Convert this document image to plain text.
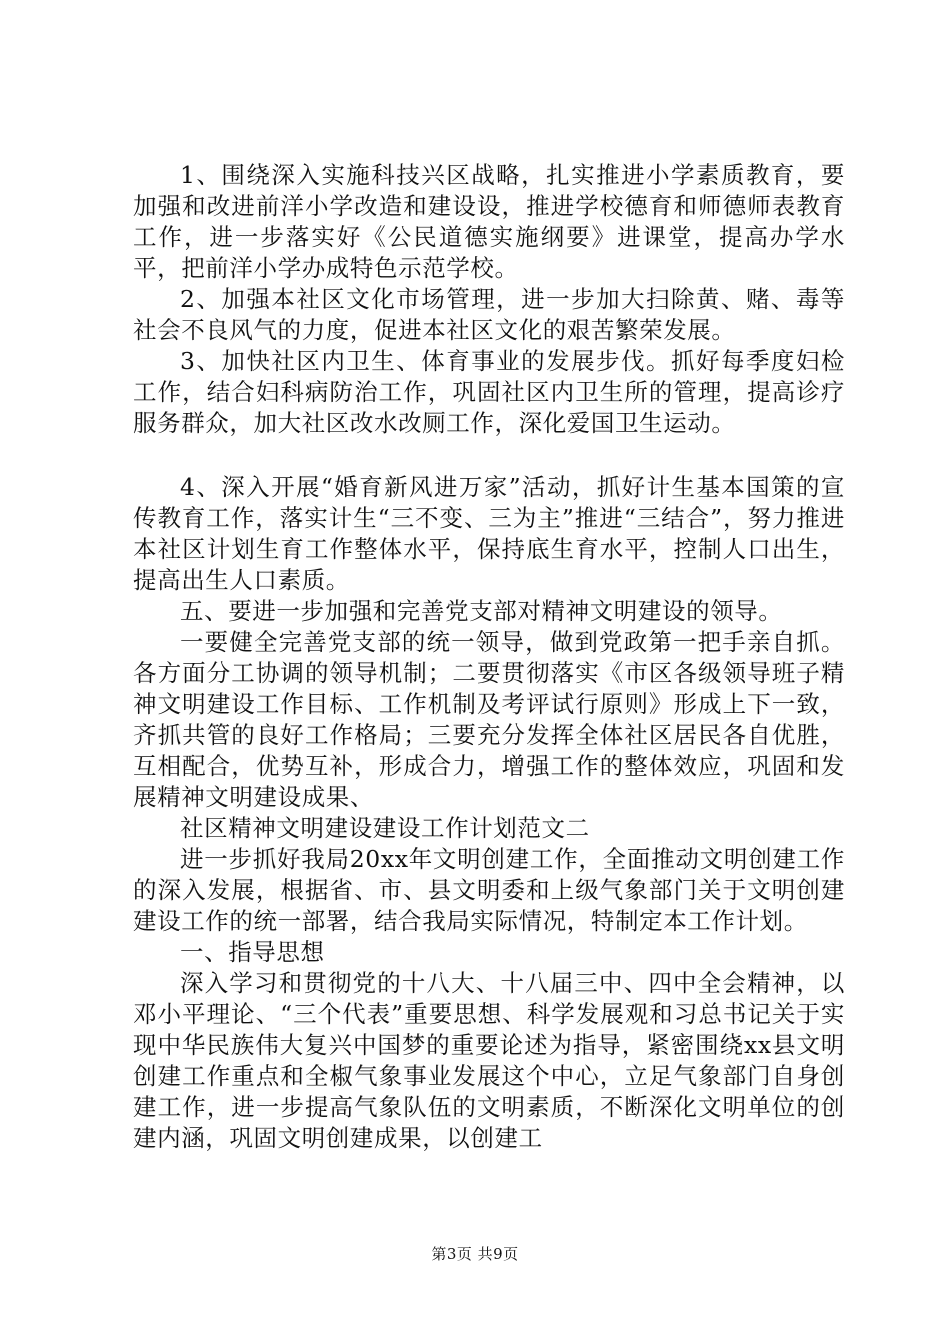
1、围绕深入实施科技兴区战略，扎实推进小学素质教育，要加强和改进前洋小学改造和建设设，推进学校德育和师德师表教育工作，进一步落实好《公民道德实施纲要》进课堂，提高办学水平，把前洋小学办成特色示范学校。

2、加强本社区文化市场管理，进一步加大扫除黄、赌、毒等社会不良风气的力度，促进本社区文化的艰苦繁荣发展。

3、加快社区内卫生、体育事业的发展步伐。抓好每季度妇检工作，结合妇科病防治工作，巩固社区内卫生所的管理，提高诊疗服务群众，加大社区改水改厕工作，深化爱国卫生运动。

4、深入开展“婚育新风进万家”活动，抓好计生基本国策的宣传教育工作，落实计生“三不变、三为主”推进“三结合”，努力推进本社区计划生育工作整体水平，保持底生育水平，控制人口出生，提高出生人口素质。

五、要进一步加强和完善党支部对精神文明建设的领导。

一要健全完善党支部的统一领导，做到党政第一把手亲自抓。各方面分工协调的领导机制；二要贯彻落实《市区各级领导班子精神文明建设工作目标、工作机制及考评试行原则》形成上下一致，齐抓共管的良好工作格局；三要充分发挥全体社区居民各自优胜，互相配合，优势互补，形成合力，增强工作的整体效应，巩固和发展精神文明建设成果、

社区精神文明建设建设工作计划范文二

进一步抓好我局20xx年文明创建工作，全面推动文明创建工作的深入发展，根据省、市、县文明委和上级气象部门关于文明创建建设工作的统一部署，结合我局实际情况，特制定本工作计划。

一、指导思想

深入学习和贯彻党的十八大、十八届三中、四中全会精神，以邓小平理论、“三个代表”重要思想、科学发展观和习总书记关于实现中华民族伟大复兴中国梦的重要论述为指导，紧密围绕xx县文明创建工作重点和全椒气象事业发展这个中心，立足气象部门自身创建工作，进一步提高气象队伍的文明素质，不断深化文明单位的创建内涵，巩固文明创建成果，以创建工

第3页 共9页
